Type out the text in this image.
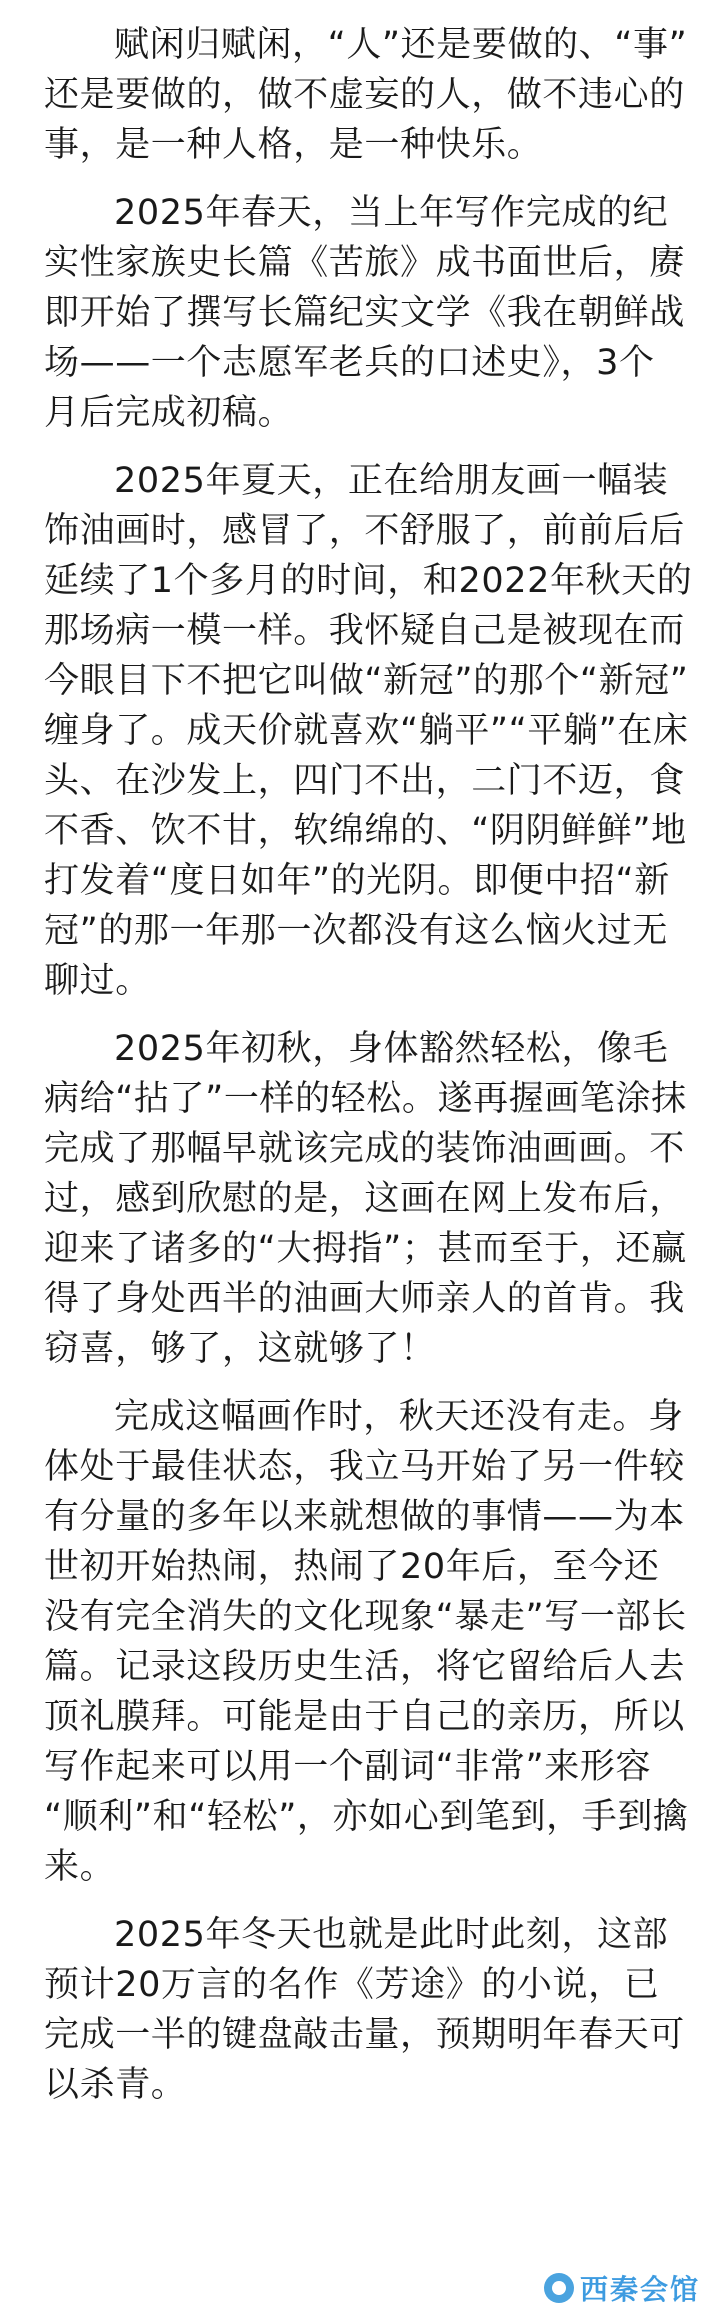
赋闲归赋闲，“人”还是要做的、“事”
还是要做的，做不虚妄的人，做不违心的
事，是一种人格，是一种快乐。

2025年春天，当上年写作完成的纪
实性家族史长篇《苦旅》成书面世后，赓
即开始了撰写长篇纪实文学《我在朝鲜战
场——一个志愿军老兵的口述史》，3个
月后完成初稿。

2025年夏天，正在给朋友画一幅装
饰油画时，感冒了，不舒服了，前前后后
延续了1个多月的时间，和2022年秋天的
那场病一模一样。我怀疑自己是被现在而
今眼目下不把它叫做“新冠”的那个“新冠”
缠身了。成天价就喜欢“躺平”“平躺”在床
头、在沙发上，四门不出，二门不迈，食
不香、饮不甘，软绵绵的、“阴阴鲜鲜”地
打发着“度日如年”的光阴。即便中招“新
冠”的那一年那一次都没有这么恼火过无
聊过。

2025年初秋，身体豁然轻松，像毛
病给“拈了”一样的轻松。遂再握画笔涂抹
完成了那幅早就该完成的装饰油画画。不
过，感到欣慰的是，这画在网上发布后，
迎来了诸多的“大拇指”；甚而至于，还赢
得了身处西半的油画大师亲人的首肯。我
窃喜，够了，这就够了！

完成这幅画作时，秋天还没有走。身
体处于最佳状态，我立马开始了另一件较
有分量的多年以来就想做的事情——为本
世初开始热闹，热闹了20年后，至今还
没有完全消失的文化现象“暴走”写一部长
篇。记录这段历史生活，将它留给后人去
顶礼膜拜。可能是由于自己的亲历，所以
写作起来可以用一个副词“非常”来形容
“顺利”和“轻松”，亦如心到笔到，手到擒
来。

2025年冬天也就是此时此刻，这部
预计20万言的名作《芳途》的小说，已
完成一半的键盘敲击量，预期明年春天可
以杀青。

西秦会馆
